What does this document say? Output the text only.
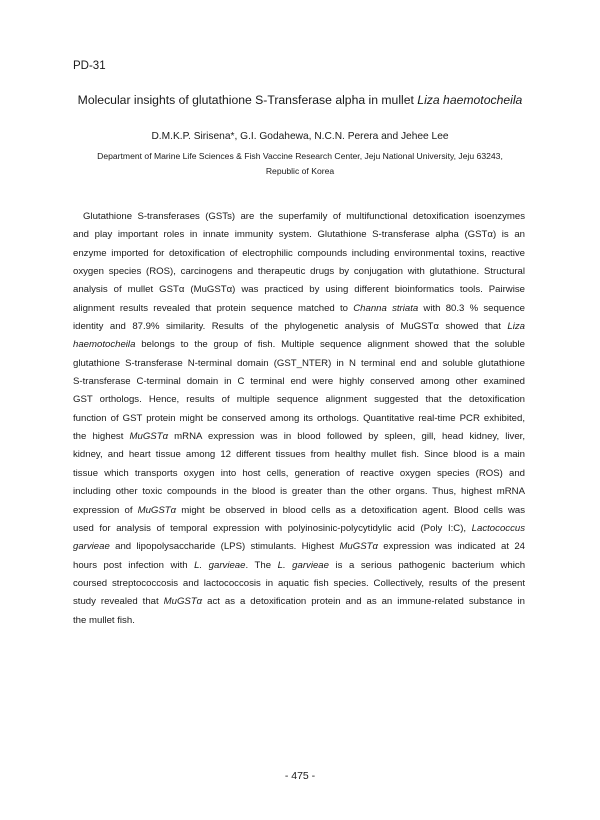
PD-31
Molecular insights of glutathione S-Transferase alpha in mullet Liza haemotocheila
D.M.K.P. Sirisena*, G.I. Godahewa, N.C.N. Perera and Jehee Lee
Department of Marine Life Sciences & Fish Vaccine Research Center, Jeju National University, Jeju 63243,
Republic of Korea
Glutathione S-transferases (GSTs) are the superfamily of multifunctional detoxification isoenzymes
and play important roles in innate immunity system. Glutathione S-transferase alpha (GSTα) is an
enzyme imported for detoxification of electrophilic compounds including environmental toxins, reactive
oxygen species (ROS), carcinogens and therapeutic drugs by conjugation with glutathione. Structural
analysis of mullet GSTα (MuGSTα) was practiced by using different bioinformatics tools. Pairwise
alignment results revealed that protein sequence matched to Channa striata with 80.3 % sequence
identity and 87.9% similarity. Results of the phylogenetic analysis of MuGSTα showed that Liza
haemotocheila belongs to the group of fish. Multiple sequence alignment showed that the soluble
glutathione S-transferase N-terminal domain (GST_NTER) in N terminal end and soluble glutathione
S-transferase C-terminal domain in C terminal end were highly conserved among other examined
GST orthologs. Hence, results of multiple sequence alignment suggested that the detoxification
function of GST protein might be conserved among its orthologs. Quantitative real-time PCR exhibited,
the highest MuGSTα mRNA expression was in blood followed by spleen, gill, head kidney, liver,
kidney, and heart tissue among 12 different tissues from healthy mullet fish. Since blood is a main
tissue which transports oxygen into host cells, generation of reactive oxygen species (ROS) and
including other toxic compounds in the blood is greater than the other organs. Thus, highest mRNA
expression of MuGSTα might be observed in blood cells as a detoxification agent. Blood cells was
used for analysis of temporal expression with polyinosinic-polycytidylic acid (Poly I:C), Lactococcus
garvieae and lipopolysaccharide (LPS) stimulants. Highest MuGSTα expression was indicated at 24
hours post infection with L. garvieae. The L. garvieae is a serious pathogenic bacterium which
coursed streptococcosis and lactococcosis in aquatic fish species. Collectively, results of the present
study revealed that MuGSTα act as a detoxification protein and as an immune-related substance in
the mullet fish.
- 475 -
